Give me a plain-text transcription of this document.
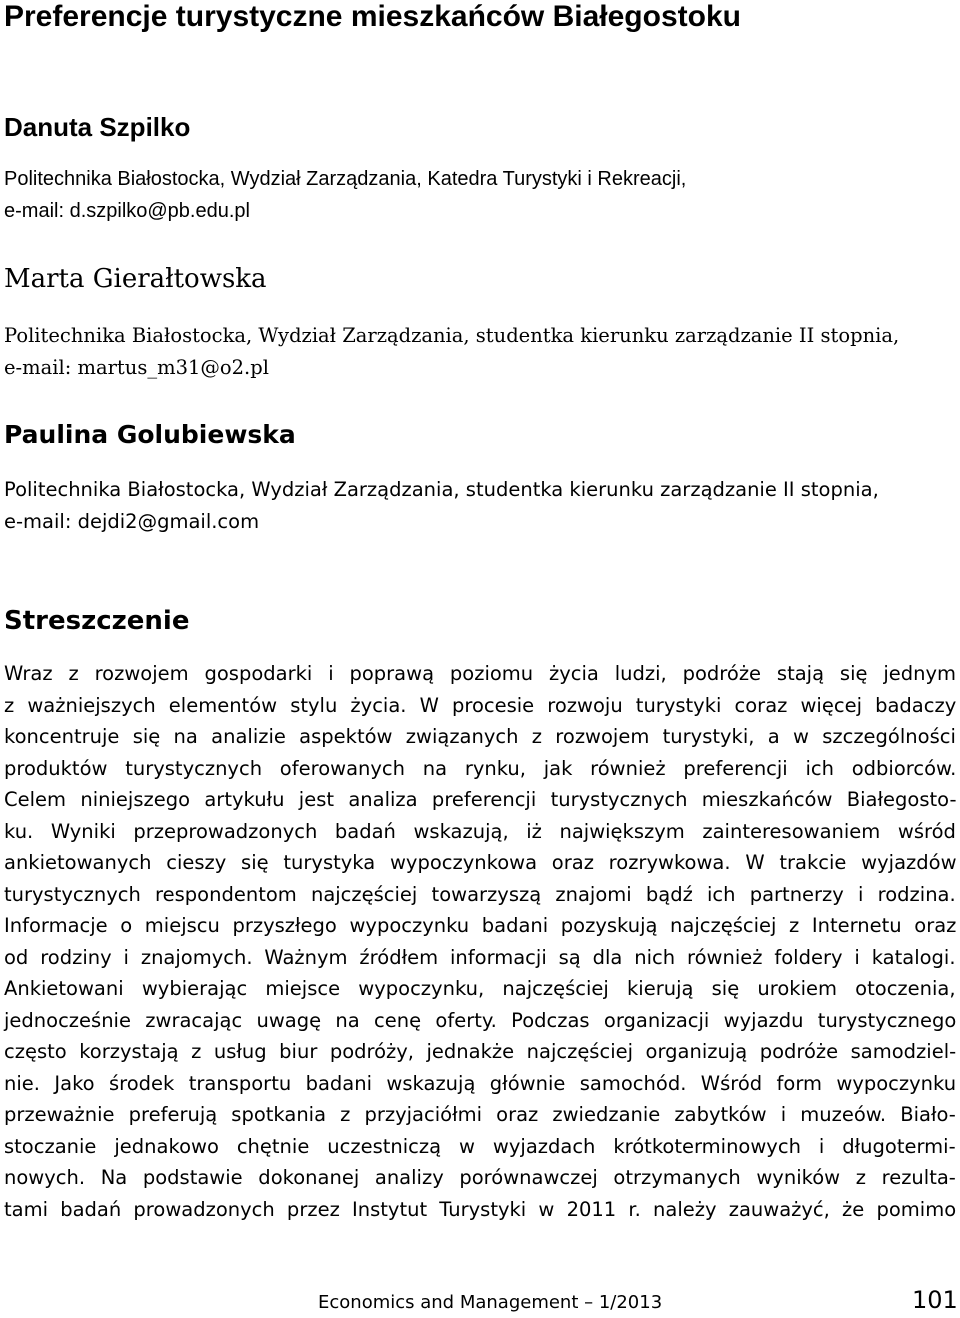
Preferencje turystyczne mieszkańców Białegostoku
Danuta Szpilko
Politechnika Białostocka, Wydział Zarządzania, Katedra Turystyki i Rekreacji,
e-mail: d.szpilko@pb.edu.pl
Marta Gierałtowska
Politechnika Białostocka, Wydział Zarządzania, studentka kierunku zarządzanie II stopnia,
e-mail: martus_m31@o2.pl
Paulina Golubiewska
Politechnika Białostocka, Wydział Zarządzania, studentka kierunku zarządzanie II stopnia,
e-mail: dejdi2@gmail.com
Streszczenie
Wraz z rozwojem gospodarki i poprawą poziomu życia ludzi, podróże stają się jednym
z ważniejszych elementów stylu życia. W procesie rozwoju turystyki coraz więcej badaczy
koncentruje się na analizie aspektów związanych z rozwojem turystyki, a w szczególności
produktów turystycznych oferowanych na rynku, jak również preferencji ich odbiorców.
Celem niniejszego artykułu jest analiza preferencji turystycznych mieszkańców Białegosto-
ku. Wyniki przeprowadzonych badań wskazują, iż największym zainteresowaniem wśród
ankietowanych cieszy się turystyka wypoczynkowa oraz rozrywkowa. W trakcie wyjazdów
turystycznych respondentom najczęściej towarzyszą znajomi bądź ich partnerzy i rodzina.
Informacje o miejscu przyszłego wypoczynku badani pozyskują najczęściej z Internetu oraz
od rodziny i znajomych. Ważnym źródłem informacji są dla nich również foldery i katalogi.
Ankietowani wybierając miejsce wypoczynku, najczęściej kierują się urokiem otoczenia,
jednocześnie zwracając uwagę na cenę oferty. Podczas organizacji wyjazdu turystycznego
często korzystają z usług biur podróży, jednakże najczęściej organizują podróże samodziel-
nie. Jako środek transportu badani wskazują głównie samochód. Wśród form wypoczynku
przeważnie preferują spotkania z przyjaciółmi oraz zwiedzanie zabytków i muzeów. Biało-
stoczanie jednakowo chętnie uczestniczą w wyjazdach krótkoterminowych i długotermi-
nowych. Na podstawie dokonanej analizy porównawczej otrzymanych wyników z rezulta-
tami badań prowadzonych przez Instytut Turystyki w 2011 r. należy zauważyć, że pomimo
Economics and Management – 1/2013	101
